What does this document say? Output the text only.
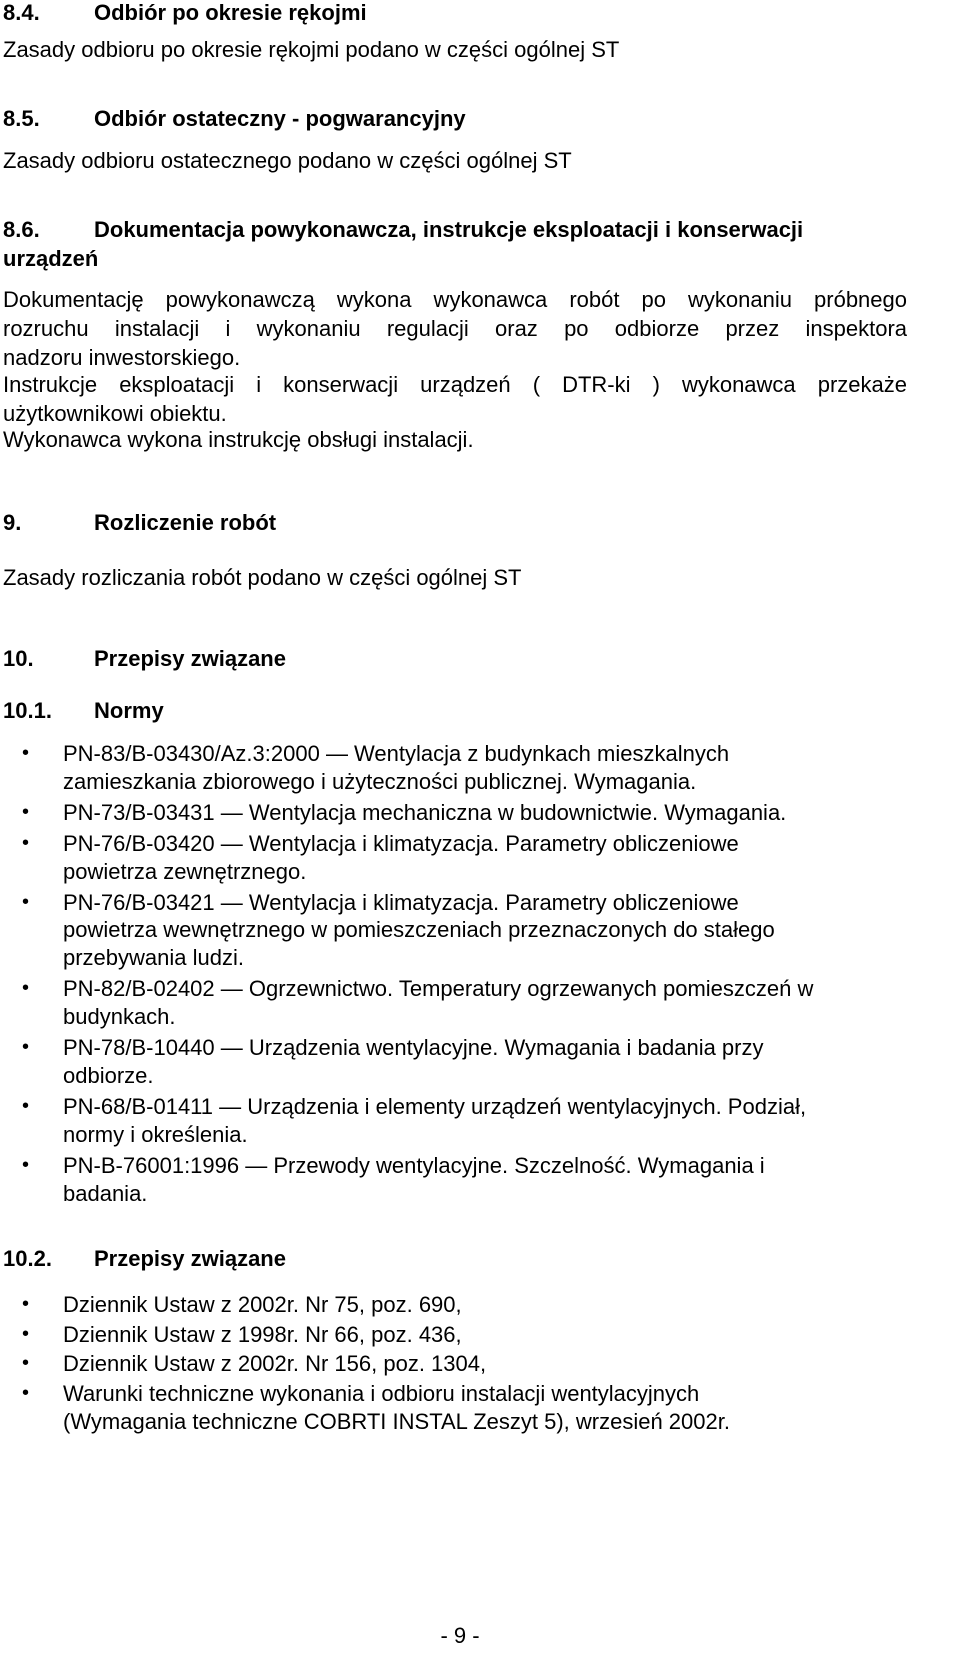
8.4. Odbiór po okresie rękojmi
Zasady odbioru po okresie rękojmi podano w części ogólnej ST
8.5. Odbiór ostateczny - pogwarancyjny
Zasady odbioru ostatecznego podano w części ogólnej ST
8.6. Dokumentacja powykonawcza, instrukcje eksploatacji i konserwacji
urządzeń
Dokumentację powykonawczą wykona wykonawca robót po wykonaniu próbnego
rozruchu instalacji i wykonaniu regulacji oraz po odbiorze przez inspektora
nadzoru inwestorskiego.
Instrukcje eksploatacji i konserwacji urządzeń ( DTR-ki ) wykonawca przekaże
użytkownikowi obiektu.
Wykonawca wykona instrukcję obsługi instalacji.
9.	Rozliczenie robót
Zasady rozliczania robót podano w części ogólnej ST
10.	Przepisy związane
10.1. Normy
• PN-83/B-03430/Az.3:2000 — Wentylacja z budynkach mieszkalnych
zamieszkania zbiorowego i użyteczności publicznej. Wymagania.
• PN-73/B-03431 — Wentylacja mechaniczna w budownictwie. Wymagania.
• PN-76/B-03420 — Wentylacja i klimatyzacja. Parametry obliczeniowe
powietrza zewnętrznego.
• PN-76/B-03421 — Wentylacja i klimatyzacja. Parametry obliczeniowe
powietrza wewnętrznego w pomieszczeniach przeznaczonych do stałego
przebywania ludzi.
• PN-82/B-02402 — Ogrzewnictwo. Temperatury ogrzewanych pomieszczeń w
budynkach.
• PN-78/B-10440 — Urządzenia wentylacyjne. Wymagania i badania przy
odbiorze.
• PN-68/B-01411 — Urządzenia i elementy urządzeń wentylacyjnych. Podział,
normy i określenia.
• PN-B-76001:1996 — Przewody wentylacyjne. Szczelność. Wymagania i
badania.
10.2. Przepisy związane
• Dziennik Ustaw z 2002r. Nr 75, poz. 690,
• Dziennik Ustaw z 1998r. Nr 66, poz. 436,
• Dziennik Ustaw z 2002r. Nr 156, poz. 1304,
• Warunki techniczne wykonania i odbioru instalacji wentylacyjnych
(Wymagania techniczne COBRTI INSTAL Zeszyt 5), wrzesień 2002r.
- 9 -
